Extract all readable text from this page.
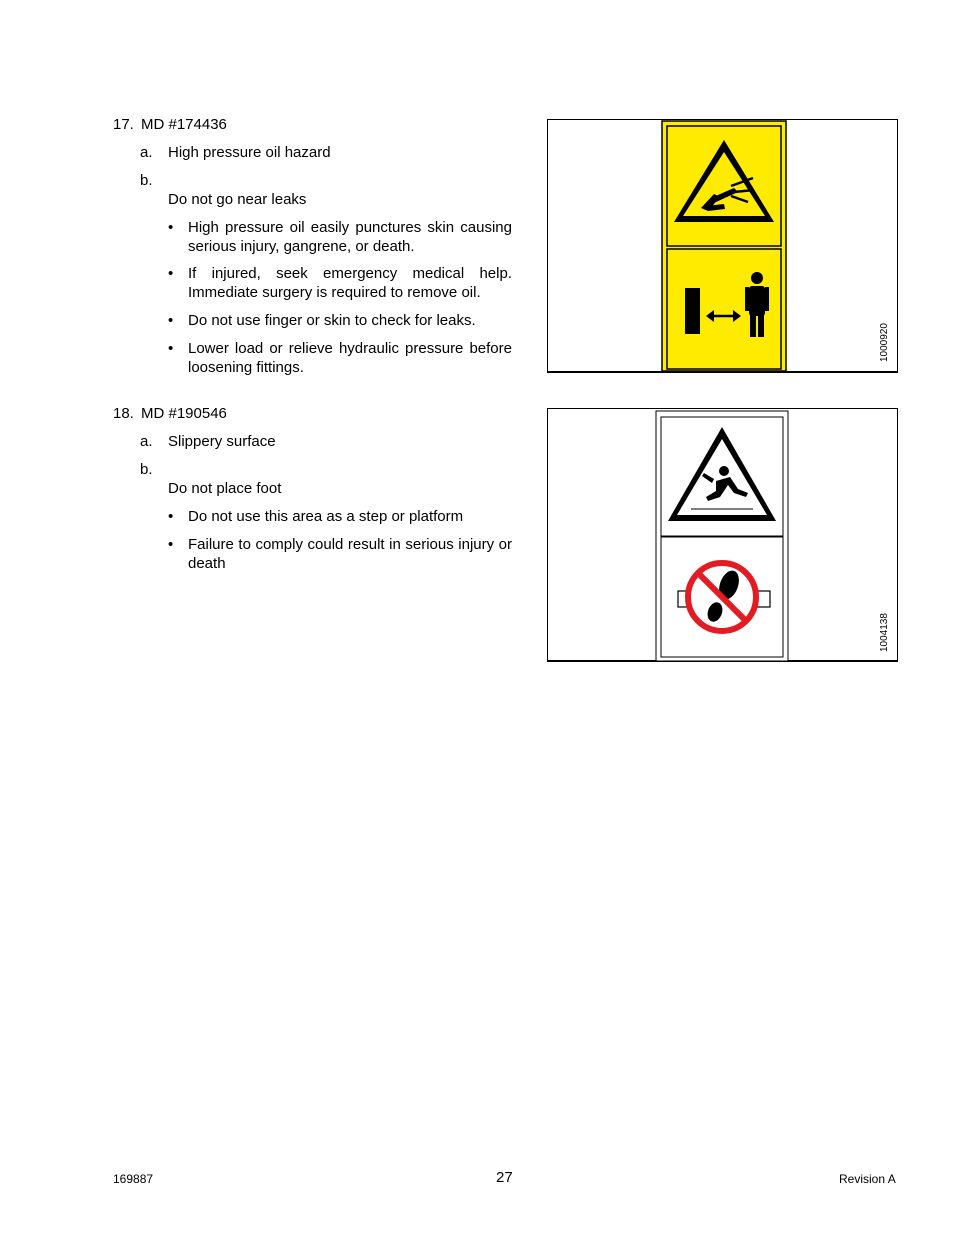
17. MD #174436
a. High pressure oil hazard
b.
Do not go near leaks
• High pressure oil easily punctures skin causing serious injury, gangrene, or death.
• If injured, seek emergency medical help. Immediate surgery is required to remove oil.
• Do not use finger or skin to check for leaks.
• Lower load or relieve hydraulic pressure before loosening fittings.
1000920
18. MD #190546
a. Slippery surface
b.
Do not place foot
• Do not use this area as a step or platform
• Failure to comply could result in serious injury or death
1004138
169887	27	Revision A
